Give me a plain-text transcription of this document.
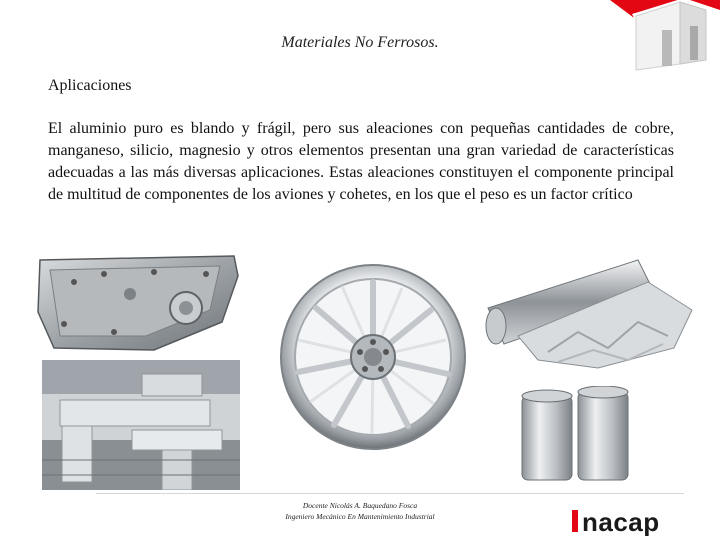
Materiales No Ferrosos.
Aplicaciones
El aluminio puro es blando y frágil, pero sus aleaciones con pequeñas cantidades de cobre, manganeso, silicio, magnesio y otros elementos presentan una gran variedad de características adecuadas a las más diversas aplicaciones. Estas aleaciones constituyen el componente principal de multitud de componentes de los aviones y cohetes, en los que el peso es un factor crítico
Docente Nicolás A. Baquedano Fosca
Ingeniero Mecánico En Mantenimiento Industrial	nacap
